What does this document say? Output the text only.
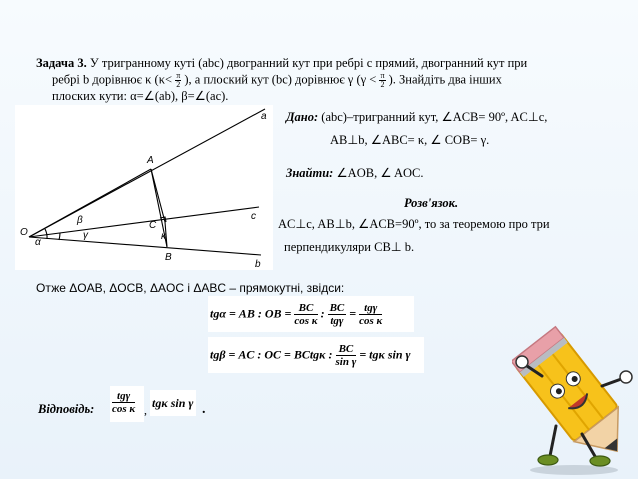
Задача 3. У тригранному куті (abc) двогранний кут при ребрі c прямий, двогранний кут при
ребрі b дорівнює κ ($\kappa< \frac{\pi}{2}$ ), а плоский кут (bc) дорівнює γ ($\gamma < \frac{\pi}{2}$ ). Знайдіть два інших
плоских кути: α=∠(ab), β=∠(ac).
O
A
B
C
a
c
b
α
β
γ	κ
Дано: (abc)–тригранний кут, ∠ACB= 90º, AC⊥c,
AB⊥b, ∠ABC= κ, ∠ COB= γ.
Знайти: ∠AOB, ∠ AOC.
Розв'язок.
AC⊥c, AB⊥b, ∠ACB=90º, то за теоремою про три
перпендикуляри CB⊥ b.
Отже ΔOAB, ΔOCB, ΔAOC і ΔABC – прямокутні, звідси:
tgα = AB : OB = $\frac{BC}{\text{cos κ}}$ : BC
tgγ
= tgγ
cos κ
tgβ = AC : OC = BCtgκ : $\frac{BC}{\text{sin γ}} = tg\kappa$ sin γ
Відповідь:
tgγ
cos κ , tgκ sin γ .
